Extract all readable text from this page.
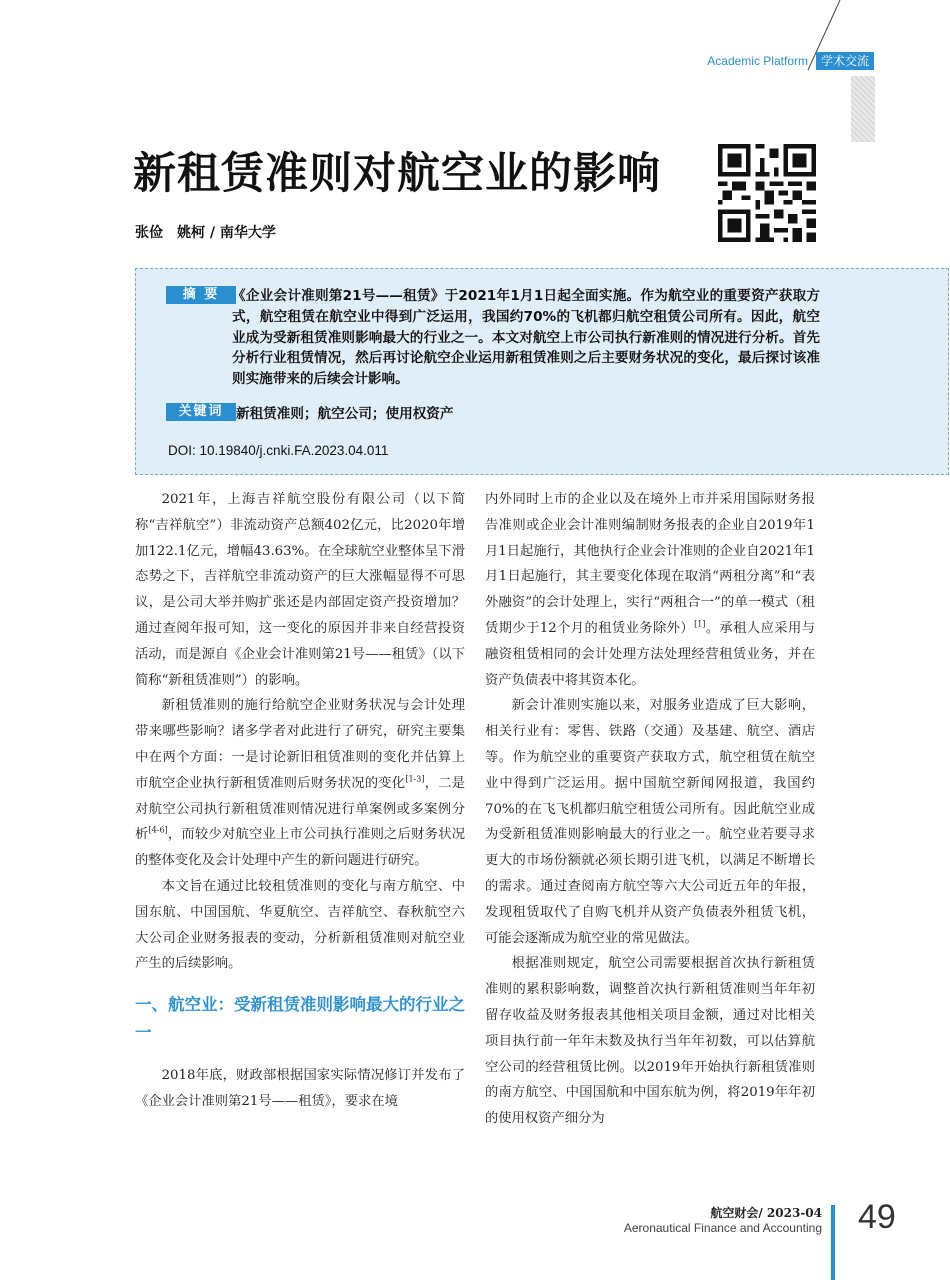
Academic Platform	学术交流
新租赁准则对航空业的影响
张俭　姚柯 / 南华大学
摘 要 《企业会计准则第21号——租赁》于2021年1月1日起全面实施。作为航空业的重要资产获取方式，航空租赁在航空业中得到广泛运用，我国约70%的飞机都归航空租赁公司所有。因此，航空业成为受新租赁准则影响最大的行业之一。本文对航空上市公司执行新准则的情况进行分析。首先分析行业租赁情况，然后再讨论航空企业运用新租赁准则之后主要财务状况的变化，最后探讨该准则实施带来的后续会计影响。
关键词 新租赁准则；航空公司；使用权资产
DOI: 10.19840/j.cnki.FA.2023.04.011

2021年，上海吉祥航空股份有限公司（以下简称“吉祥航空”）非流动资产总额402亿元，比2020年增加122.1亿元，增幅43.63%。在全球航空业整体呈下滑态势之下，吉祥航空非流动资产的巨大涨幅显得不可思议，是公司大举并购扩张还是内部固定资产投资增加？通过查阅年报可知，这一变化的原因并非来自经营投资活动，而是源自《企业会计准则第21号——租赁》（以下简称“新租赁准则”）的影响。

新租赁准则的施行给航空企业财务状况与会计处理带来哪些影响？诸多学者对此进行了研究，研究主要集中在两个方面：一是讨论新旧租赁准则的变化并估算上市航空企业执行新租赁准则后财务状况的变化[1-3]，二是对航空公司执行新租赁准则情况进行单案例或多案例分析[4-6]，而较少对航空业上市公司执行准则之后财务状况的整体变化及会计处理中产生的新问题进行研究。

本文旨在通过比较租赁准则的变化与南方航空、中国东航、中国国航、华夏航空、吉祥航空、春秋航空六大公司企业财务报表的变动，分析新租赁准则对航空业产生的后续影响。

一、航空业：受新租赁准则影响最大的行业之一

2018年底，财政部根据国家实际情况修订并发布了《企业会计准则第21号——租赁》，要求在境

内外同时上市的企业以及在境外上市并采用国际财务报告准则或企业会计准则编制财务报表的企业自2019年1月1日起施行，其他执行企业会计准则的企业自2021年1月1日起施行，其主要变化体现在取消“两租分离”和“表外融资”的会计处理上，实行“两租合一”的单一模式（租赁期少于12个月的租赁业务除外）[1]。承租人应采用与融资租赁相同的会计处理方法处理经营租赁业务，并在资产负债表中将其资本化。

新会计准则实施以来，对服务业造成了巨大影响，相关行业有：零售、铁路（交通）及基建、航空、酒店等。作为航空业的重要资产获取方式，航空租赁在航空业中得到广泛运用。据中国航空新闻网报道，我国约70%的在飞飞机都归航空租赁公司所有。因此航空业成为受新租赁准则影响最大的行业之一。航空业若要寻求更大的市场份额就必须长期引进飞机，以满足不断增长的需求。通过查阅南方航空等六大公司近五年的年报，发现租赁取代了自购飞机并从资产负债表外租赁飞机，可能会逐渐成为航空业的常见做法。

根据准则规定，航空公司需要根据首次执行新租赁准则的累积影响数，调整首次执行新租赁准则当年年初留存收益及财务报表其他相关项目金额，通过对比相关项目执行前一年年末数及执行当年年初数，可以估算航空公司的经营租赁比例。以2019年开始执行新租赁准则的南方航空、中国国航和中国东航为例，将2019年年初的使用权资产细分为

航空财会/ 2023-04
Aeronautical Finance and Accounting 49
